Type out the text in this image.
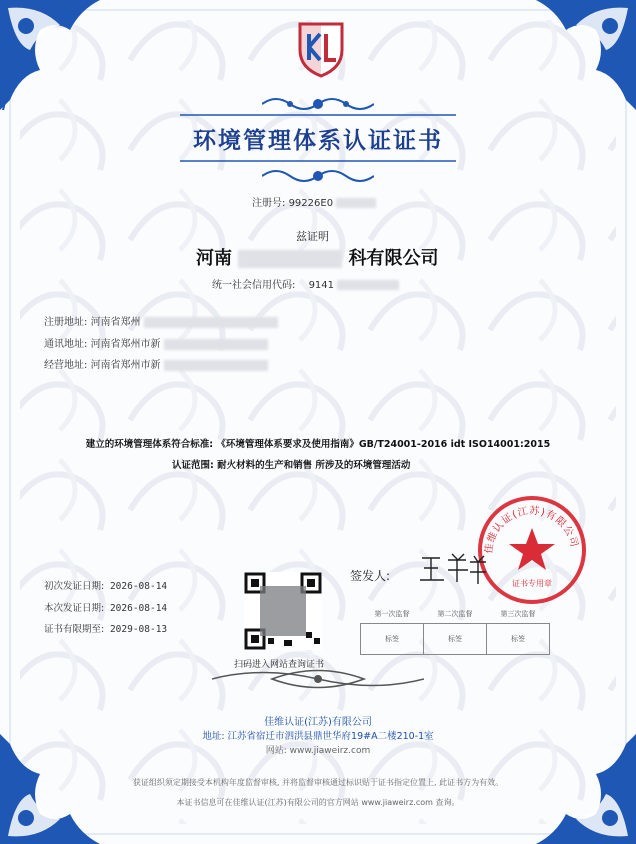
环境管理体系认证证书
注册号: 99226E0
兹证明
河南	科有限公司
统一社会信用代码: 9141
注册地址: 河南省郑州
通讯地址: 河南省郑州市新
经营地址: 河南省郑州市新
建立的环境管理体系符合标准: 《环境管理体系要求及使用指南》GB/T24001-2016 idt ISO14001:2015
认证范围: 耐火材料的生产和销售 所涉及的环境管理活动
佳维认证(江苏)有限公司
证书专用章
初次发证日期: 2026-08-14
本次发证日期: 2026-08-14
证书有限期至: 2029-08-13
扫码进入网站查询证书
签发人:
第一次监督	第二次监督	第三次监督
标签	标签	标签
佳维认证(江苏)有限公司
地址: 江苏省宿迁市泗洪县鼎世华府19#A二楼210-1室
网站: www.jiaweirz.com
获证组织须定期接受本机构年度监督审核, 并将监督审核通过标识贴于证书指定位置上, 此证书方为有效。
本证书信息可在佳维认证(江苏)有限公司的官方网站 www.jiaweirz.com 查询。
